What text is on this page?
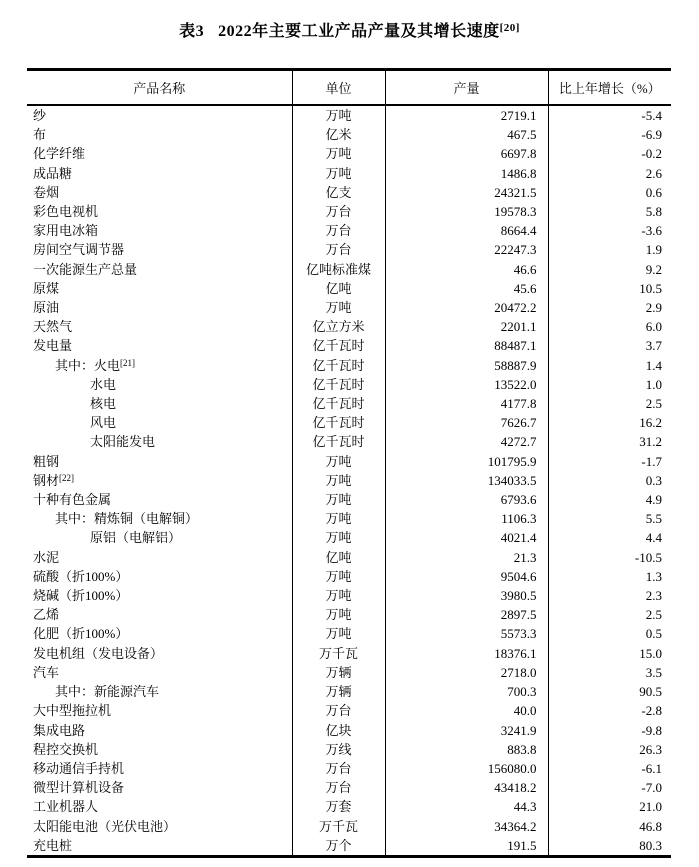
表3 2022年主要工业产品产量及其增长速度[20]
产品名称	单位	产量	比上年增长（%）
纱	万吨	2719.1	-5.4
布	亿米	467.5	-6.9
化学纤维	万吨	6697.8	-0.2
成品糖	万吨	1486.8	2.6
卷烟	亿支	24321.5	0.6
彩色电视机	万台	19578.3	5.8
家用电冰箱	万台	8664.4	-3.6
房间空气调节器	万台	22247.3	1.9
一次能源生产总量	亿吨标准煤	46.6	9.2
原煤	亿吨	45.6	10.5
原油	万吨	20472.2	2.9
天然气	亿立方米	2201.1	6.0
发电量	亿千瓦时	88487.1	3.7
其中：火电[21]	亿千瓦时	58887.9	1.4
水电	亿千瓦时	13522.0	1.0
核电	亿千瓦时	4177.8	2.5
风电	亿千瓦时	7626.7	16.2
太阳能发电	亿千瓦时	4272.7	31.2
粗钢	万吨	101795.9	-1.7
钢材[22]	万吨	134033.5	0.3
十种有色金属	万吨	6793.6	4.9
其中：精炼铜（电解铜）	万吨	1106.3	5.5
原铝（电解铝）	万吨	4021.4	4.4
水泥	亿吨	21.3	-10.5
硫酸（折100%）	万吨	9504.6	1.3
烧碱（折100%）	万吨	3980.5	2.3
乙烯	万吨	2897.5	2.5
化肥（折100%）	万吨	5573.3	0.5
发电机组（发电设备）	万千瓦	18376.1	15.0
汽车	万辆	2718.0	3.5
其中：新能源汽车	万辆	700.3	90.5
大中型拖拉机	万台	40.0	-2.8
集成电路	亿块	3241.9	-9.8
程控交换机	万线	883.8	26.3
移动通信手持机	万台	156080.0	-6.1
微型计算机设备	万台	43418.2	-7.0
工业机器人	万套	44.3	21.0
太阳能电池（光伏电池）	万千瓦	34364.2	46.8
充电桩	万个	191.5	80.3
